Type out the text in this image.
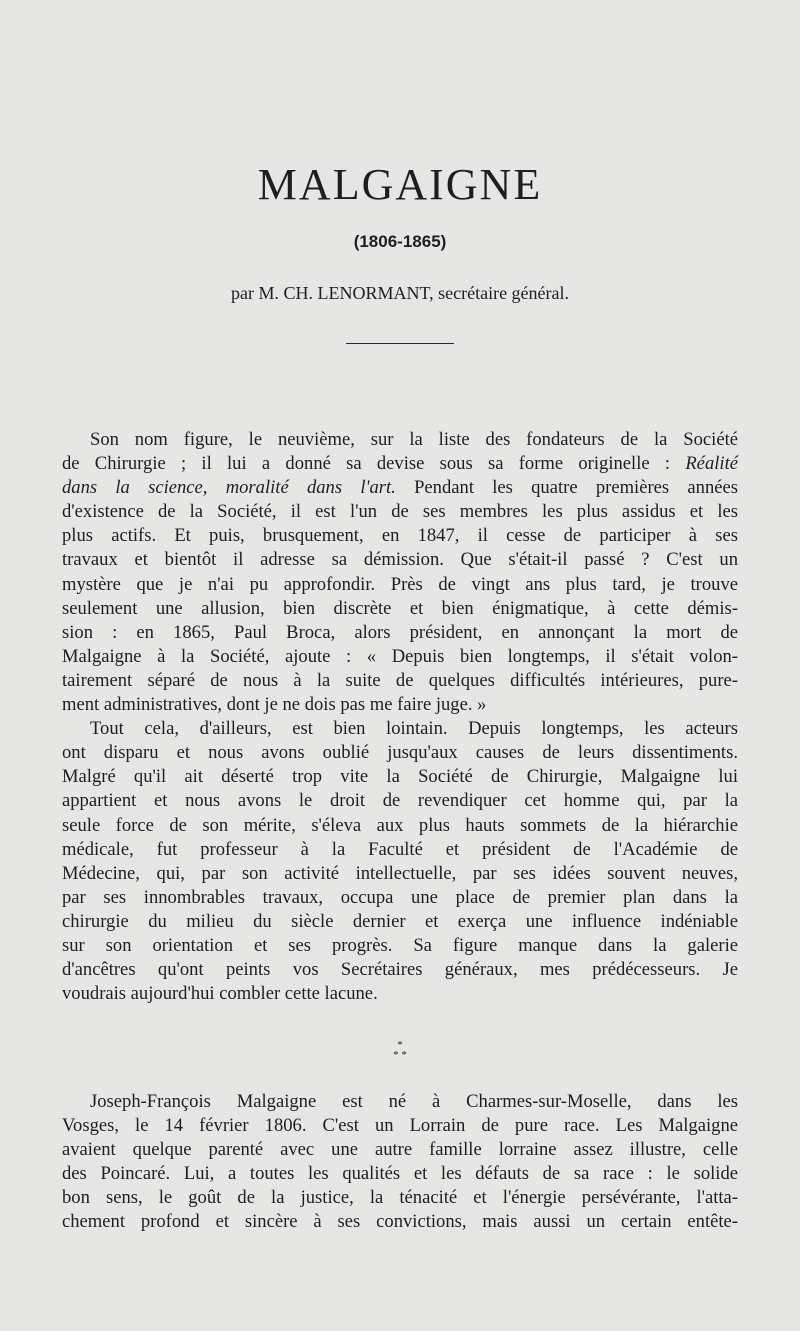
MALGAIGNE
(1806-1865)
par M. CH. LENORMANT, secrétaire général.
Son nom figure, le neuvième, sur la liste des fondateurs de la Société
de Chirurgie ; il lui a donné sa devise sous sa forme originelle : Réalité
dans la science, moralité dans l'art. Pendant les quatre premières années
d'existence de la Société, il est l'un de ses membres les plus assidus et les
plus actifs. Et puis, brusquement, en 1847, il cesse de participer à ses
travaux et bientôt il adresse sa démission. Que s'était-il passé ? C'est un
mystère que je n'ai pu approfondir. Près de vingt ans plus tard, je trouve
seulement une allusion, bien discrète et bien énigmatique, à cette démis-
sion : en 1865, Paul Broca, alors président, en annonçant la mort de
Malgaigne à la Société, ajoute : « Depuis bien longtemps, il s'était volon-
tairement séparé de nous à la suite de quelques difficultés intérieures, pure-
ment administratives, dont je ne dois pas me faire juge. »
Tout cela, d'ailleurs, est bien lointain. Depuis longtemps, les acteurs
ont disparu et nous avons oublié jusqu'aux causes de leurs dissentiments.
Malgré qu'il ait déserté trop vite la Société de Chirurgie, Malgaigne lui
appartient et nous avons le droit de revendiquer cet homme qui, par la
seule force de son mérite, s'éleva aux plus hauts sommets de la hiérarchie
médicale, fut professeur à la Faculté et président de l'Académie de
Médecine, qui, par son activité intellectuelle, par ses idées souvent neuves,
par ses innombrables travaux, occupa une place de premier plan dans la
chirurgie du milieu du siècle dernier et exerça une influence indéniable
sur son orientation et ses progrès. Sa figure manque dans la galerie
d'ancêtres qu'ont peints vos Secrétaires généraux, mes prédécesseurs. Je
voudrais aujourd'hui combler cette lacune.
*
* *
Joseph-François Malgaigne est né à Charmes-sur-Moselle, dans les
Vosges, le 14 février 1806. C'est un Lorrain de pure race. Les Malgaigne
avaient quelque parenté avec une autre famille lorraine assez illustre, celle
des Poincaré. Lui, a toutes les qualités et les défauts de sa race : le solide
bon sens, le goût de la justice, la ténacité et l'énergie persévérante, l'atta-
chement profond et sincère à ses convictions, mais aussi un certain entête-
